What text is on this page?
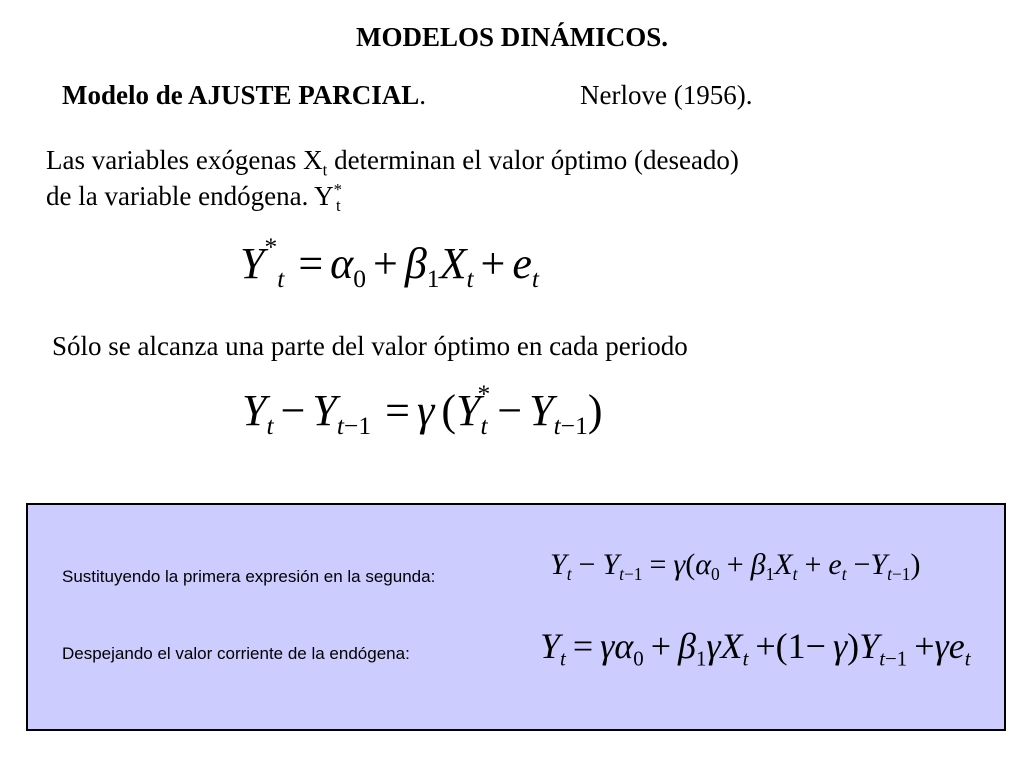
MODELOS DINÁMICOS.
Modelo de AJUSTE PARCIAL.	Nerlove (1956).
Las variables exógenas $X_t$ determinan el valor óptimo (deseado)
de la variable endógena. $Y^*_t$
$Y^*_t = \alpha_0 + \beta_1X_t + e_t$
Sólo se alcanza una parte del valor óptimo en cada periodo
$Y_t - Y_{t-1} = \gamma$ $(Y_t^* - Y_{t-1})$
Sustituyendo la primera expresión en la segunda:	$Y_t - Y_{t-1} = \gamma(\alpha_0 + \beta_1X_t + e_t -Y_{t-1})$
Despejando el valor corriente de la endógena:	$Y_t = \gamma\alpha_0 + \beta_1\gamma X_t +(1- \gamma)Y_{t-1} +\gamma e_t$
